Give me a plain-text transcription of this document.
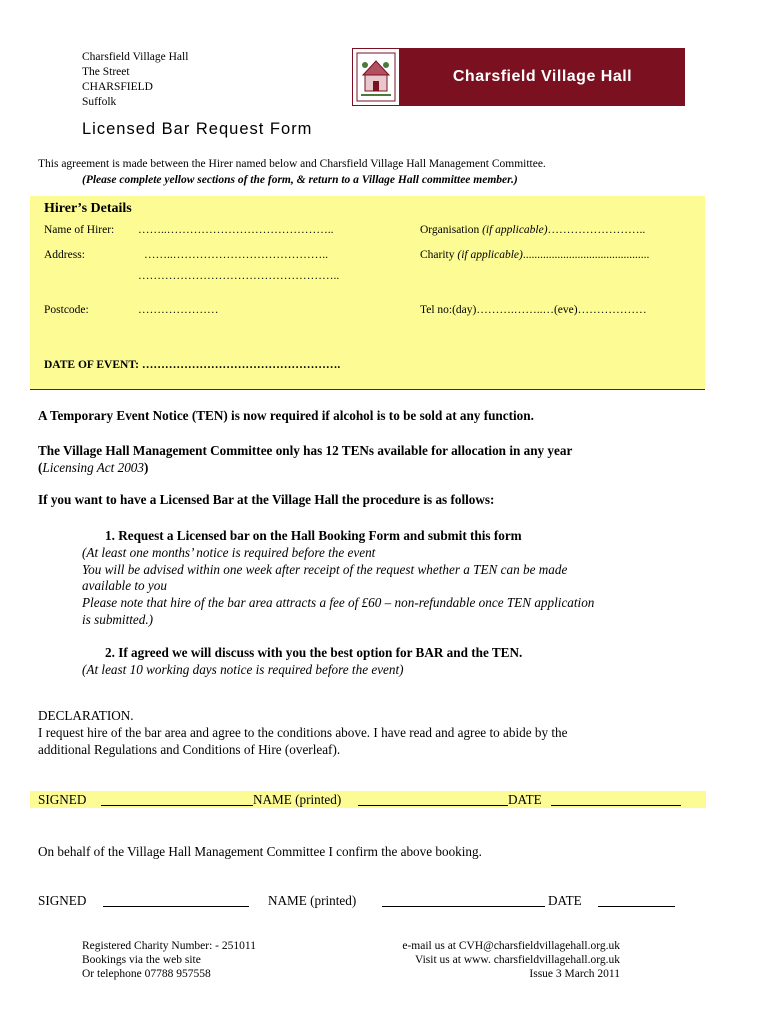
Charsfield Village Hall
The Street
CHARSFIELD
Suffolk
Charsfield Village Hall
Licensed Bar Request Form
This agreement is made between the Hirer named below and Charsfield Village Hall Management Committee.
(Please complete yellow sections of the form, & return to a Village Hall committee member.)
Hirer’s Details
Name of Hirer: ……..……………………………………..	Organisation (if applicable)……………………..
Address:	……..…………………………………..	Charity (if applicable)............................................
……………………………………………..
Postcode:	…………………	Tel no:(day)……….……..…(eve)………………
DATE OF EVENT: …………………………………………….
A Temporary Event Notice (TEN) is now required if alcohol is to be sold at any function.
The Village Hall Management Committee only has 12 TENs available for allocation in any year
(Licensing Act 2003)
If you want to have a Licensed Bar at the Village Hall the procedure is as follows:
1. Request a Licensed bar on the Hall Booking Form and submit this form
(At least one months’ notice is required before the event
You will be advised within one week after receipt of the request whether a TEN can be made
available to you
Please note that hire of the bar area attracts a fee of £60 – non-refundable once TEN application
is submitted.)
2. If agreed we will discuss with you the best option for BAR and the TEN.
(At least 10 working days notice is required before the event)
DECLARATION.
I request hire of the bar area and agree to the conditions above. I have read and agree to abide by the
additional Regulations and Conditions of Hire (overleaf).
SIGNED	NAME (printed)	DATE
On behalf of the Village Hall Management Committee I confirm the above booking.
SIGNED	NAME (printed)	DATE
Registered Charity Number: - 251011
Bookings via the web site
Or telephone 07788 957558
e-mail us at CVH@charsfieldvillagehall.org.uk
Visit us at www. charsfieldvillagehall.org.uk
Issue 3 March 2011
